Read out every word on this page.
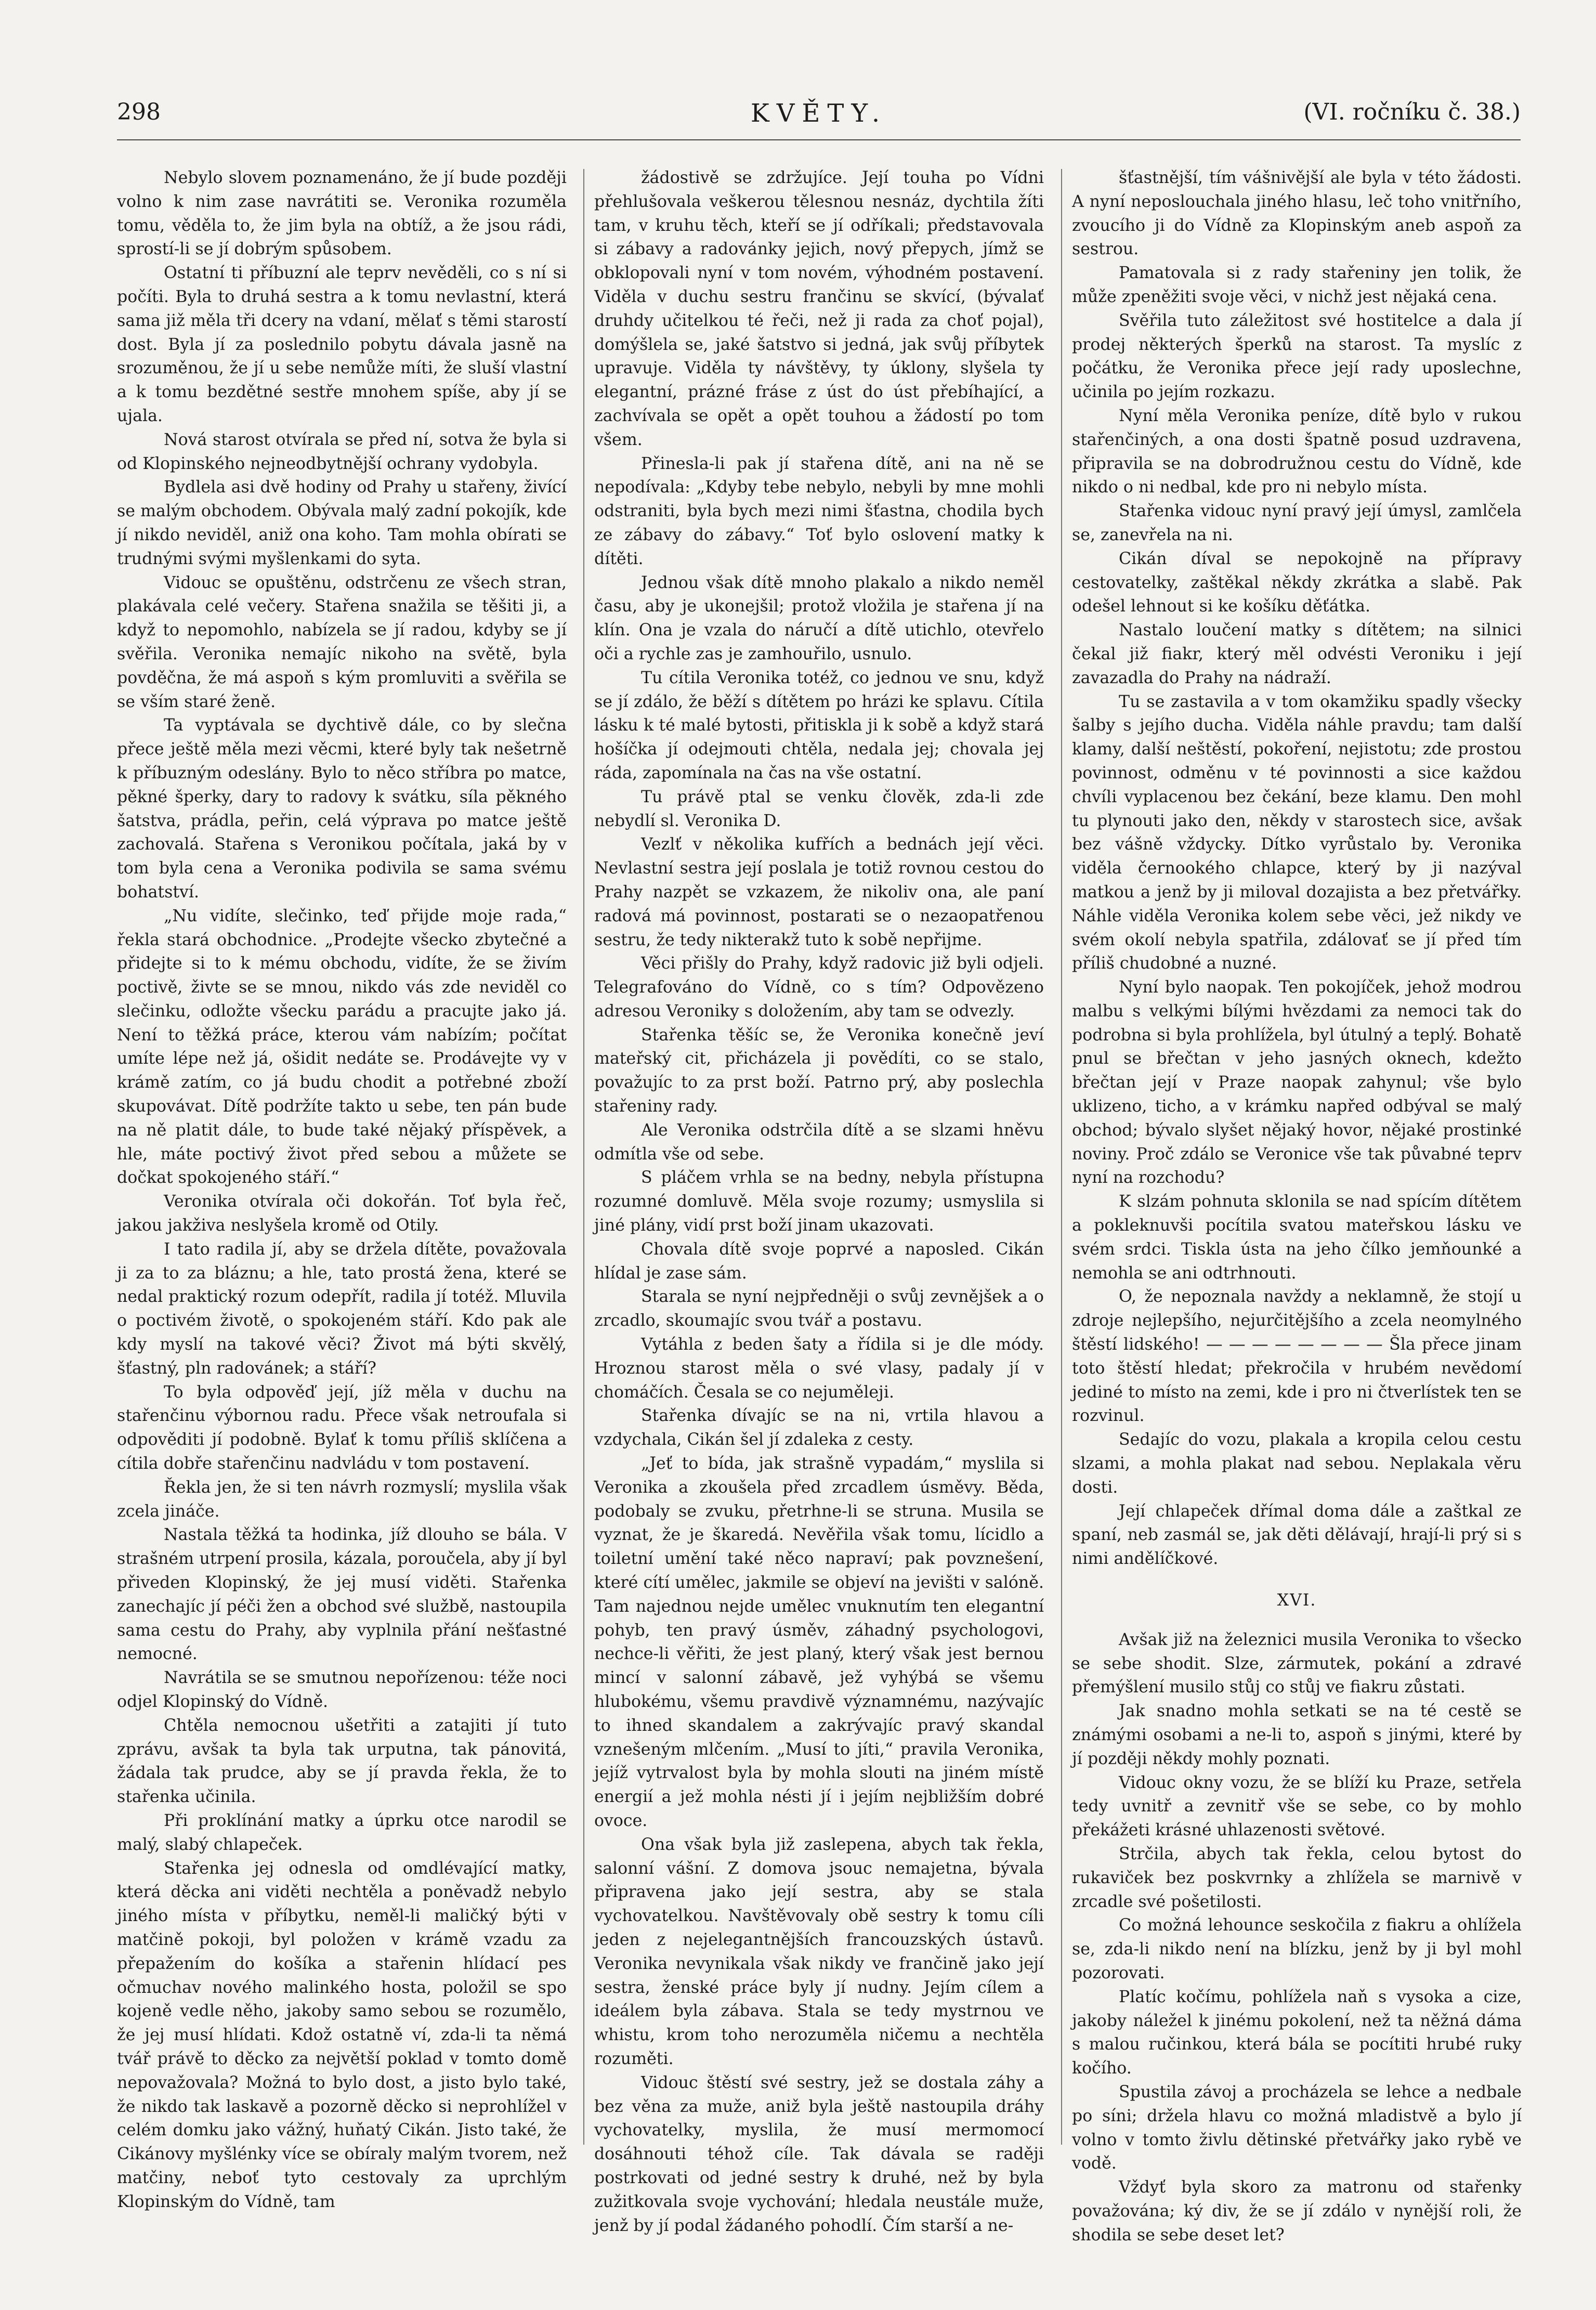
298	KVĚTY.	(VI. ročníku č. 38.)

Nebylo slovem poznamenáno, že jí bude později volno k nim zase navrátiti se. Veronika rozuměla tomu, věděla to, že jim byla na obtíž, a že jsou rádi, sprostí-li se jí dobrým spůsobem.

Ostatní ti příbuzní ale teprv nevěděli, co s ní si počíti. Byla to druhá sestra a k tomu nevlastní, která sama již měla tři dcery na vdaní, mělať s těmi starostí dost. Byla jí za poslednilo pobytu dávala jasně na srozuměnou, že jí u sebe nemůže míti, že sluší vlastní a k tomu bezdětné sestře mnohem spíše, aby jí se ujala.

Nová starost otvírala se před ní, sotva že byla si od Klopinského nejneodbytnější ochrany vydobyla.

Bydlela asi dvě hodiny od Prahy u stařeny, živící se malým obchodem. Obývala malý zadní pokojík, kde jí nikdo neviděl, aniž ona koho. Tam mohla obírati se trudnými svými myšlenkami do syta.

Vidouc se opuštěnu, odstrčenu ze všech stran, plakávala celé večery. Stařena snažila se těšiti ji, a když to nepomohlo, nabízela se jí radou, kdyby se jí svěřila. Veronika nemajíc nikoho na světě, byla povděčna, že má aspoň s kým promluviti a svěřila se se vším staré ženě.

Ta vyptávala se dychtivě dále, co by slečna přece ještě měla mezi věcmi, které byly tak nešetrně k příbuzným odeslány. Bylo to něco stříbra po matce, pěkné šperky, dary to radovy k svátku, síla pěkného šatstva, prádla, peřin, celá výprava po matce ještě zachovalá. Stařena s Veronikou počítala, jaká by v tom byla cena a Veronika podivila se sama svému bohatství.

„Nu vidíte, slečinko, teď přijde moje rada,“ řekla stará obchodnice. „Prodejte všecko zbytečné a přidejte si to k mému obchodu, vidíte, že se živím poctivě, živte se se mnou, nikdo vás zde neviděl co slečinku, odložte všecku parádu a pracujte jako já. Není to těžká práce, kterou vám nabízím; počítat umíte lépe než já, ošidit nedáte se. Prodávejte vy v krámě zatím, co já budu chodit a potřebné zboží skupovávat. Dítě podržíte takto u sebe, ten pán bude na ně platit dále, to bude také nějaký příspěvek, a hle, máte poctivý život před sebou a můžete se dočkat spokojeného stáří.“

Veronika otvírala oči dokořán. Toť byla řeč, jakou jakživa neslyšela kromě od Otily.

I tato radila jí, aby se držela dítěte, považovala ji za to za bláznu; a hle, tato prostá žena, které se nedal praktický rozum odepřít, radila jí totéž. Mluvila o poctivém životě, o spokojeném stáří. Kdo pak ale kdy myslí na takové věci? Život má býti skvělý, šťastný, pln radovánek; a stáří?

To byla odpověď její, jíž měla v duchu na stařenčinu výbornou radu. Přece však netroufala si odpověditi jí podobně. Bylať k tomu příliš sklíčena a cítila dobře stařenčinu nadvládu v tom postavení.

Řekla jen, že si ten návrh rozmyslí; myslila však zcela jináče.

Nastala těžká ta hodinka, jíž dlouho se bála. V strašném utrpení prosila, kázala, poroučela, aby jí byl přiveden Klopinský, že jej musí viděti. Stařenka zanechajíc jí péči žen a obchod své službě, nastoupila sama cestu do Prahy, aby vyplnila přání nešťastné nemocné.

Navrátila se se smutnou nepořízenou: téže noci odjel Klopinský do Vídně.

Chtěla nemocnou ušetřiti a zatajiti jí tuto zprávu, avšak ta byla tak urputna, tak pánovitá, žádala tak prudce, aby se jí pravda řekla, že to stařenka učinila.

Při proklínání matky a úprku otce narodil se malý, slabý chlapeček.

Stařenka jej odnesla od omdlévající matky, která děcka ani viděti nechtěla a poněvadž nebylo jiného místa v příbytku, neměl-li maličký býti v matčině pokoji, byl položen v krámě vzadu za přepažením do košíka a stařenin hlídací pes očmuchav nového malinkého hosta, položil se spo kojeně vedle něho, jakoby samo sebou se rozumělo, že jej musí hlídati. Kdož ostatně ví, zda-li ta němá tvář právě to děcko za největší poklad v tomto domě nepovažovala? Možná to bylo dost, a jisto bylo také, že nikdo tak laskavě a pozorně děcko si neprohlížel v celém domku jako vážný, huňatý Cikán. Jisto také, že Cikánovy myšlénky více se obíraly malým tvorem, než matčiny, neboť tyto cestovaly za uprchlým Klopinským do Vídně, tam

žádostivě se zdržujíce. Její touha po Vídni přehlušovala veškerou tělesnou nesnáz, dychtila žíti tam, v kruhu těch, kteří se jí odříkali; představovala si zábavy a radovánky jejich, nový přepych, jímž se obklopovali nyní v tom novém, výhodném postavení. Viděla v duchu sestru frančinu se skvící, (bývalať druhdy učitelkou té řeči, než ji rada za choť pojal), domýšlela se, jaké šatstvo si jedná, jak svůj příbytek upravuje. Viděla ty návštěvy, ty úklony, slyšela ty elegantní, prázné fráse z úst do úst přebíhající, a zachvívala se opět a opět touhou a žádostí po tom všem.

Přinesla-li pak jí stařena dítě, ani na ně se nepodívala: „Kdyby tebe nebylo, nebyli by mne mohli odstraniti, byla bych mezi nimi šťastna, chodila bych ze zábavy do zábavy.“ Toť bylo oslovení matky k dítěti.

Jednou však dítě mnoho plakalo a nikdo neměl času, aby je ukonejšil; protož vložila je stařena jí na klín. Ona je vzala do náručí a dítě utichlo, otevřelo oči a rychle zas je zamhouřilo, usnulo.

Tu cítila Veronika totéž, co jednou ve snu, když se jí zdálo, že běží s dítětem po hrázi ke splavu. Cítila lásku k té malé bytosti, přitiskla ji k sobě a když stará hošíčka jí odejmouti chtěla, nedala jej; chovala jej ráda, zapomínala na čas na vše ostatní.

Tu právě ptal se venku člověk, zda-li zde nebydlí sl. Veronika D.

Vezlť v několika kufřích a bednách její věci. Nevlastní sestra její poslala je totiž rovnou cestou do Prahy nazpět se vzkazem, že nikoliv ona, ale paní radová má povinnost, postarati se o nezaopatřenou sestru, že tedy nikterakž tuto k sobě nepřijme.

Věci přišly do Prahy, když radovic již byli odjeli. Telegrafováno do Vídně, co s tím? Odpovězeno adresou Veroniky s doložením, aby tam se odvezly.

Stařenka těšíc se, že Veronika konečně jeví mateřský cit, přicházela ji povědíti, co se stalo, považujíc to za prst boží. Patrno prý, aby poslechla stařeniny rady.

Ale Veronika odstrčila dítě a se slzami hněvu odmítla vše od sebe.

S pláčem vrhla se na bedny, nebyla přístupna rozumné domluvě. Měla svoje rozumy; usmyslila si jiné plány, vidí prst boží jinam ukazovati.

Chovala dítě svoje poprvé a naposled. Cikán hlídal je zase sám.

Starala se nyní nejpředněji o svůj zevnějšek a o zrcadlo, skoumajíc svou tvář a postavu.

Vytáhla z beden šaty a řídila si je dle módy. Hroznou starost měla o své vlasy, padaly jí v chomáčích. Česala se co nejuměleji.

Stařenka dívajíc se na ni, vrtila hlavou a vzdychala, Cikán šel jí zdaleka z cesty.

„Jeť to bída, jak strašně vypadám,“ myslila si Veronika a zkoušela před zrcadlem úsměvy. Běda, podobaly se zvuku, přetrhne-li se struna. Musila se vyznat, že je škaredá. Nevěřila však tomu, lícidlo a toiletní umění také něco napraví; pak povznešení, které cítí umělec, jakmile se objeví na jevišti v salóně. Tam najednou nejde umělec vnuknutím ten elegantní pohyb, ten pravý úsměv, záhadný psychologovi, nechce-li věřiti, že jest planý, který však jest bernou mincí v salonní zábavě, jež vyhýbá se všemu hlubokému, všemu pravdivě významnému, nazývajíc to ihned skandalem a zakrývajíc pravý skandal vznešeným mlčením. „Musí to jíti,“ pravila Veronika, jejíž vytrvalost byla by mohla slouti na jiném místě energií a jež mohla nésti jí i jejím nejbližším dobré ovoce.

Ona však byla již zaslepena, abych tak řekla, salonní vášní. Z domova jsouc nemajetna, bývala připravena jako její sestra, aby se stala vychovatelkou. Navštěvovaly obě sestry k tomu cíli jeden z nejelegantnějších francouzských ústavů. Veronika nevynikala však nikdy ve frančině jako její sestra, ženské práce byly jí nudny. Jejím cílem a ideálem byla zábava. Stala se tedy mystrnou ve whistu, krom toho nerozuměla ničemu a nechtěla rozuměti.

Vidouc štěstí své sestry, jež se dostala záhy a bez věna za muže, aniž byla ještě nastoupila dráhy vychovatelky, myslila, že musí mermomocí dosáhnouti téhož cíle. Tak dávala se raději postrkovati od jedné sestry k druhé, než by byla zužitkovala svoje vychování; hledala neustále muže, jenž by jí podal žádaného pohodlí. Čím starší a ne-

šťastnější, tím vášnivější ale byla v této žádosti. A nyní neposlouchala jiného hlasu, leč toho vnitřního, zvoucího ji do Vídně za Klopinským aneb aspoň za sestrou.

Pamatovala si z rady stařeniny jen tolik, že může zpeněžiti svoje věci, v nichž jest nějaká cena.

Svěřila tuto záležitost své hostitelce a dala jí prodej některých šperků na starost. Ta myslíc z počátku, že Veronika přece její rady uposlechne, učinila po jejím rozkazu.

Nyní měla Veronika peníze, dítě bylo v rukou stařenčiných, a ona dosti špatně posud uzdravena, připravila se na dobrodružnou cestu do Vídně, kde nikdo o ni nedbal, kde pro ni nebylo místa.

Stařenka vidouc nyní pravý její úmysl, zamlčela se, zanevřela na ni.

Cikán díval se nepokojně na přípravy cestovatelky, zaštěkal někdy zkrátka a slabě. Pak odešel lehnout si ke košíku děťátka.

Nastalo loučení matky s dítětem; na silnici čekal již fiakr, který měl odvésti Veroniku i její zavazadla do Prahy na nádraží.

Tu se zastavila a v tom okamžiku spadly všecky šalby s jejího ducha. Viděla náhle pravdu; tam další klamy, další neštěstí, pokoření, nejistotu; zde prostou povinnost, odměnu v té povinnosti a sice každou chvíli vyplacenou bez čekání, beze klamu. Den mohl tu plynouti jako den, někdy v starostech sice, avšak bez vášně vždycky. Dítko vyrůstalo by. Veronika viděla černookého chlapce, který by ji nazýval matkou a jenž by ji miloval dozajista a bez přetvářky. Náhle viděla Veronika kolem sebe věci, jež nikdy ve svém okolí nebyla spatřila, zdálovať se jí před tím příliš chudobné a nuzné.

Nyní bylo naopak. Ten pokojíček, jehož modrou malbu s velkými bílými hvězdami za nemoci tak do podrobna si byla prohlížela, byl útulný a teplý. Bohatě pnul se břečtan v jeho jasných oknech, kdežto břečtan její v Praze naopak zahynul; vše bylo uklizeno, ticho, a v krámku napřed odbýval se malý obchod; bývalo slyšet nějaký hovor, nějaké prostinké noviny. Proč zdálo se Veronice vše tak půvabné teprv nyní na rozchodu?

K slzám pohnuta sklonila se nad spícím dítětem a pokleknuvši pocítila svatou mateřskou lásku ve svém srdci. Tiskla ústa na jeho čílko jemňounké a nemohla se ani odtrhnouti.

O, že nepoznala navždy a neklamně, že stojí u zdroje nejlepšího, nejurčitějšího a zcela neomylného štěstí lidského! — — — — — — — — Šla přece jinam toto štěstí hledat; překročila v hrubém nevědomí jediné to místo na zemi, kde i pro ni čtverlístek ten se rozvinul.

Sedajíc do vozu, plakala a kropila celou cestu slzami, a mohla plakat nad sebou. Neplakala věru dosti.

Její chlapeček dřímal doma dále a zaštkal ze spaní, neb zasmál se, jak děti dělávají, hrají-li prý si s nimi andělíčkové.

XVI.

Avšak již na železnici musila Veronika to všecko se sebe shodit. Slze, zármutek, pokání a zdravé přemýšlení musilo stůj co stůj ve fiakru zůstati.

Jak snadno mohla setkati se na té cestě se známými osobami a ne-li to, aspoň s jinými, které by jí později někdy mohly poznati.

Vidouc okny vozu, že se blíží ku Praze, setřela tedy uvnitř a zevnitř vše se sebe, co by mohlo překážeti krásné uhlazenosti světové.

Strčila, abych tak řekla, celou bytost do rukaviček bez poskvrnky a zhlížela se marnivě v zrcadle své pošetilosti.

Co možná lehounce seskočila z fiakru a ohlížela se, zda-li nikdo není na blízku, jenž by ji byl mohl pozorovati.

Platíc kočímu, pohlížela naň s vysoka a cize, jakoby náležel k jinému pokolení, než ta něžná dáma s malou ručinkou, která bála se pocítiti hrubé ruky kočího.

Spustila závoj a procházela se lehce a nedbale po síni; držela hlavu co možná mladistvě a bylo jí volno v tomto živlu dětinské přetvářky jako rybě ve vodě.

Vždyť byla skoro za matronu od stařenky považována; ký div, že se jí zdálo v nynější roli, že shodila se sebe deset let?
